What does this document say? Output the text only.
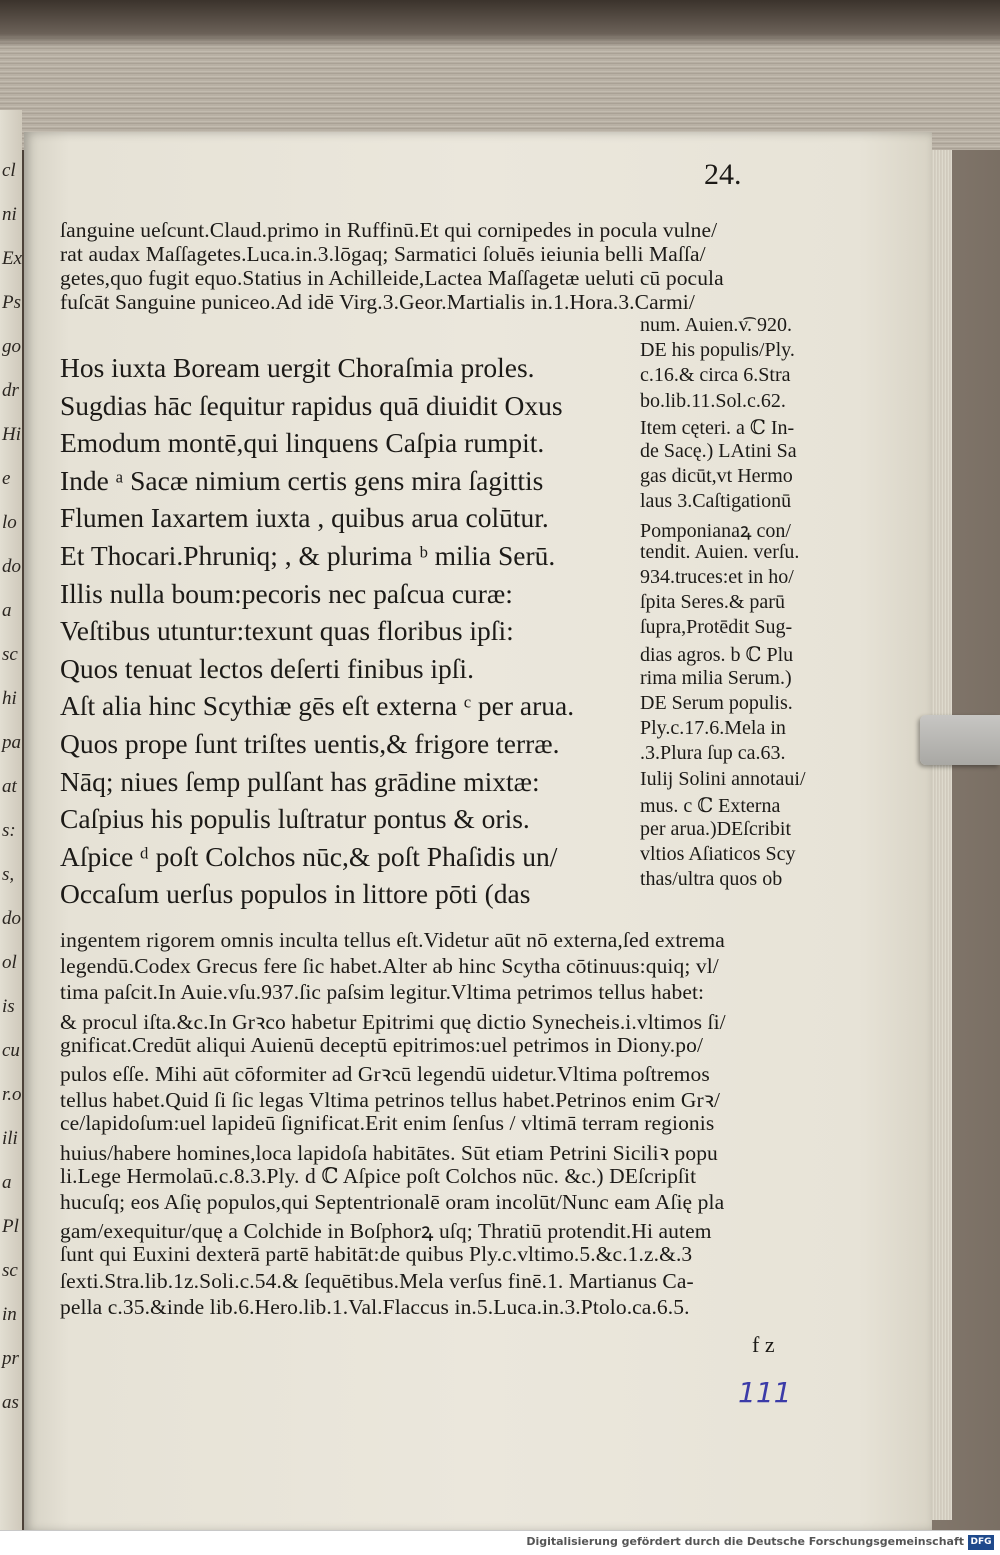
cl
ni
Ex
Ps
go
dr
Hi
e
lo
do
a
sc
hi
pa
at
s:
s,
do
ol
is
cu
r.o
ili
a
Pl
sc
in
pr
as
24.
ſanguine ueſcunt.Claud.primo in Ruffinū.Et qui cornipedes in pocula vulne/
rat audax Maſſagetes.Luca.in.3.lōgaq; Sarmatici ſoluēs ieiunia belli Maſſa/
getes,quo fugit equo.Statius in Achilleide,Lactea Maſſagetæ ueluti cū pocula
fuſcāt Sanguine puniceo.Ad idē Virg.3.Geor.Martialis in.1.Hora.3.Carmi/
Hos iuxta Boream uergit Choraſmia proles.
Sugdias hāc ſequitur rapidus quā diuidit Oxus
Emodum montē,qui linquens Caſpia rumpit.
Inde ᵃ Sacæ nimium certis gens mira ſagittis
Flumen Iaxartem iuxta , quibus arua colūtur.
Et Thocari.Phruniq; , & plurima ᵇ milia Serū.
Illis nulla boum:pecoris nec paſcua curæ:
Veſtibus utuntur:texunt quas floribus ipſi:
Quos tenuat lectos deſerti finibus ipſi.
Aſt alia hinc Scythiæ gēs eſt externa ᶜ per arua.
Quos prope ſunt triſtes uentis,& frigore terræ.
Nāq; niues ſemp pulſant has grādine mixtæ:
Caſpius his populis luſtratur pontus & oris.
Aſpice ᵈ poſt Colchos nūc,& poſt Phaſidis un/
Occaſum uerſus populos in littore pōti (das
num. Auien.v͡. 920.
DE his populis/Ply.
c.16.& circa 6.Stra
bo.lib.11.Sol.c.62.
Item cęteri. a ℂ In-
de Sacę.) LAtini Sa
gas dicūt,vt Hermo
laus 3.Caſtigationū
Pomponianaꝝ con/
tendit. Auien. verſu.
934.truces:et in ho/
ſpita Seres.& parū
ſupra,Protēdit Sug-
dias agros. b ℂ Plu
rima milia Serum.)
DE Serum populis.
Ply.c.17.6.Mela in
.3.Plura ſup ca.63.
Iulij Solini annotaui/
mus. c ℂ Externa
per arua.)DEſcribit
vltios Aſiaticos Scy
thas/ultra quos ob
ingentem rigorem omnis inculta tellus eſt.Videtur aūt nō externa,ſed extrema
legendū.Codex Grecus fere ſic habet.Alter ab hinc Scytha cōtinuus:quiq; vl/
tima paſcit.In Auie.vſu.937.ſic paſsim legitur.Vltima petrimos tellus habet:
& procul iſta.&c.In Grꝛco habetur Epitrimi quę dictio Synecheis.i.vltimos ſi/
gnificat.Credūt aliqui Auienū deceptū epitrimos:uel petrimos in Diony.po/
pulos eſſe. Mihi aūt cōformiter ad Grꝛcū legendū uidetur.Vltima poſtremos
tellus habet.Quid ſi ſic legas Vltima petrinos tellus habet.Petrinos enim Grꝛ/
ce/lapidoſum:uel lapideū ſignificat.Erit enim ſenſus / vltimā terram regionis
huius/habere homines,loca lapidoſa habitātes. Sūt etiam Petrini Siciliꝛ popu
li.Lege Hermolaū.c.8.3.Ply. d ℂ Aſpice poſt Colchos nūc. &c.) DEſcripſit
hucuſq; eos Aſię populos,qui Septentrionalē oram incolūt/Nunc eam Aſię pla
gam/exequitur/quę a Colchide in Boſphorꝝ uſq; Thratiū protendit.Hi autem
ſunt qui Euxini dexterā partē habitāt:de quibus Ply.c.vltimo.5.&c.1.z.&.3
ſexti.Stra.lib.1z.Soli.c.54.& ſequētibus.Mela verſus finē.1. Martianus Ca-
pella c.35.&inde lib.6.Hero.lib.1.Val.Flaccus in.5.Luca.in.3.Ptolo.ca.6.5.
f z
111
Digitalisierung gefördert durch die Deutsche Forschungsgemeinschaft DFG
